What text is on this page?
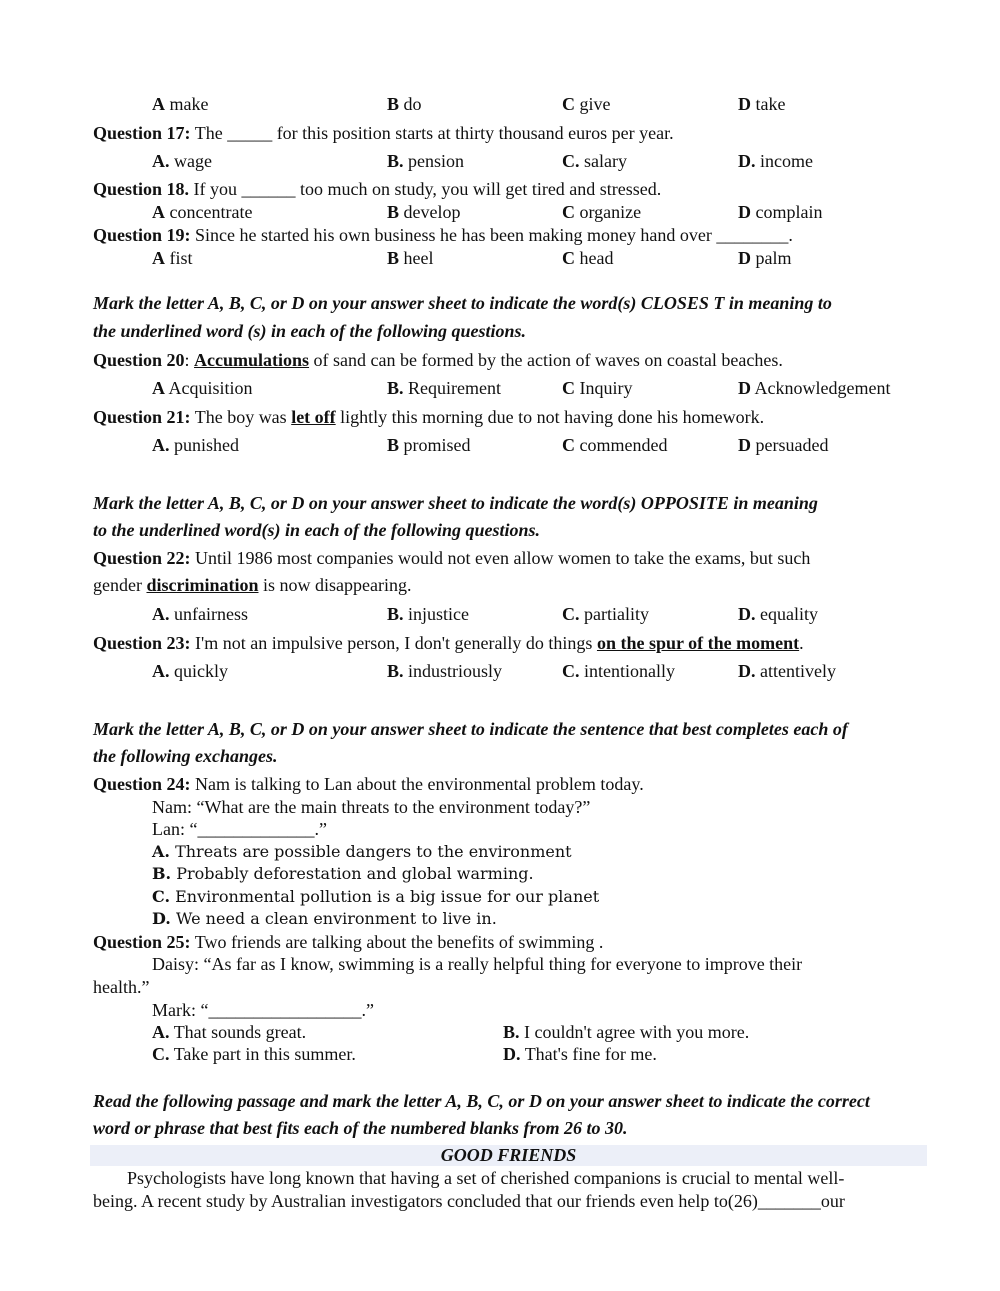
A make	B do	C give	D take
Question 17: The _____ for this position starts at thirty thousand euros per year.
A. wage	B. pension	C. salary	D. income
Question 18. If you ______ too much on study, you will get tired and stressed.
A concentrate	B develop	C organize	D complain
Question 19: Since he started his own business he has been making money hand over ________.
A fist	B heel	C head	D palm
Mark the letter A, B, C, or D on your answer sheet to indicate the word(s) CLOSES T in meaning to
the underlined word (s) in each of the following questions.
Question 20: Accumulations of sand can be formed by the action of waves on coastal beaches.
A Acquisition	B. Requirement	C Inquiry	D Acknowledgement
Question 21: The boy was let off lightly this morning due to not having done his homework.
A. punished	B promised	C commended	D persuaded
Mark the letter A, B, C, or D on your answer sheet to indicate the word(s) OPPOSITE in meaning
to the underlined word(s) in each of the following questions.
Question 22: Until 1986 most companies would not even allow women to take the exams, but such
gender discrimination is now disappearing.
A. unfairness	B. injustice	C. partiality	D. equality
Question 23: I'm not an impulsive person, I don't generally do things on the spur of the moment.
A. quickly	B. industriously	C. intentionally	D. attentively
Mark the letter A, B, C, or D on your answer sheet to indicate the sentence that best completes each of
the following exchanges.
Question 24: Nam is talking to Lan about the environmental problem today.
Nam: “What are the main threats to the environment today?”
Lan: “_____________.”
A. Threats are possible dangers to the environment
B. Probably deforestation and global warming.
C. Environmental pollution is a big issue for our planet
D. We need a clean environment to live in.
Question 25: Two friends are talking about the benefits of swimming .
Daisy: “As far as I know, swimming is a really helpful thing for everyone to improve their
health.”
Mark: “_________________.”
A. That sounds great.	B. I couldn't agree with you more.
C. Take part in this summer.	D. That's fine for me.
Read the following passage and mark the letter A, B, C, or D on your answer sheet to indicate the correct
word or phrase that best fits each of the numbered blanks from 26 to 30.
GOOD FRIENDS
Psychologists have long known that having a set of cherished companions is crucial to mental well-
being. A recent study by Australian investigators concluded that our friends even help to(26)_______our
